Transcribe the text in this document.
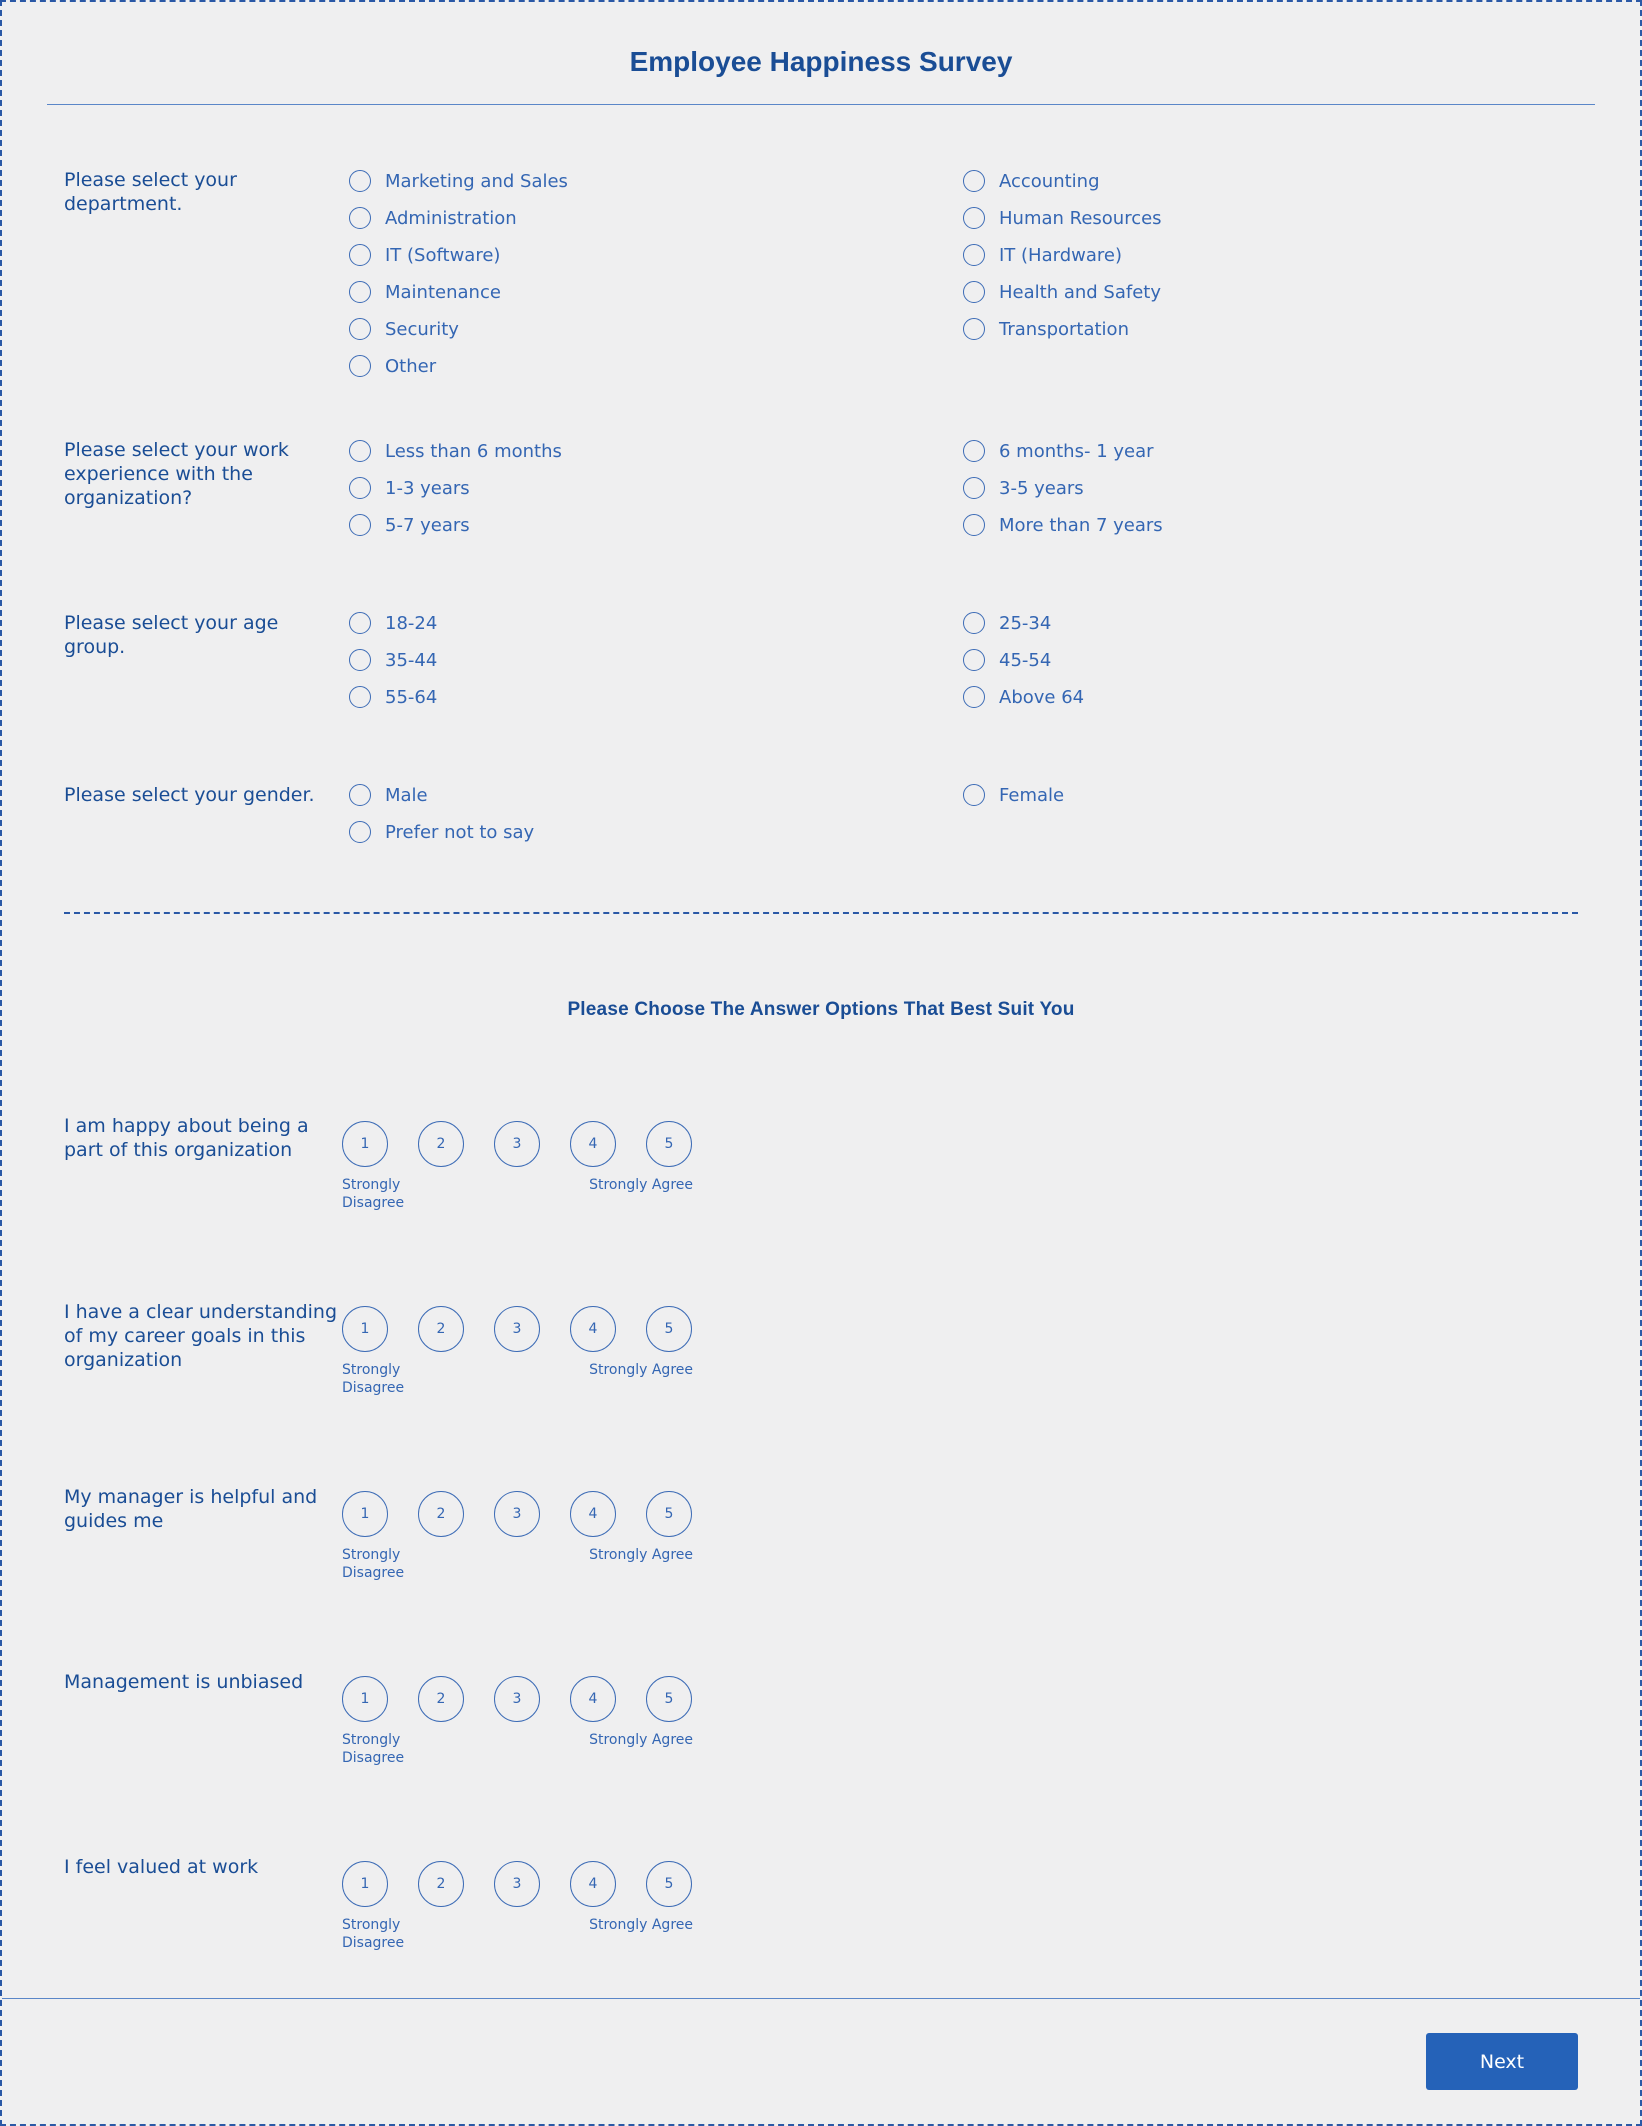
Employee Happiness Survey
Please select your department.
Marketing and Sales	Accounting
Administration	Human Resources
IT (Software)	IT (Hardware)
Maintenance	Health and Safety
Security	Transportation
Other
Please select your work experience with the organization?
Less than 6 months	6 months- 1 year
1-3 years	3-5 years
5-7 years	More than 7 years
Please select your age group.
18-24	25-34
35-44	45-54
55-64	Above 64
Please select your gender.	Male	Female
Prefer not to say
Please Choose The Answer Options That Best Suit You
I am happy about being a part of this organization	1	2	3	4	5
Strongly Disagree
Strongly Agree
I have a clear understanding of my career goals in this organization
1	2	3	4	5
Strongly Disagree
Strongly Agree
My manager is helpful and guides me	1	2	3	4	5
Strongly Disagree
Strongly Agree
Management is unbiased
1	2	3	4	5
Strongly Disagree
Strongly Agree
I feel valued at work
1	2	3	4	5
Strongly Disagree
Strongly Agree
Next
